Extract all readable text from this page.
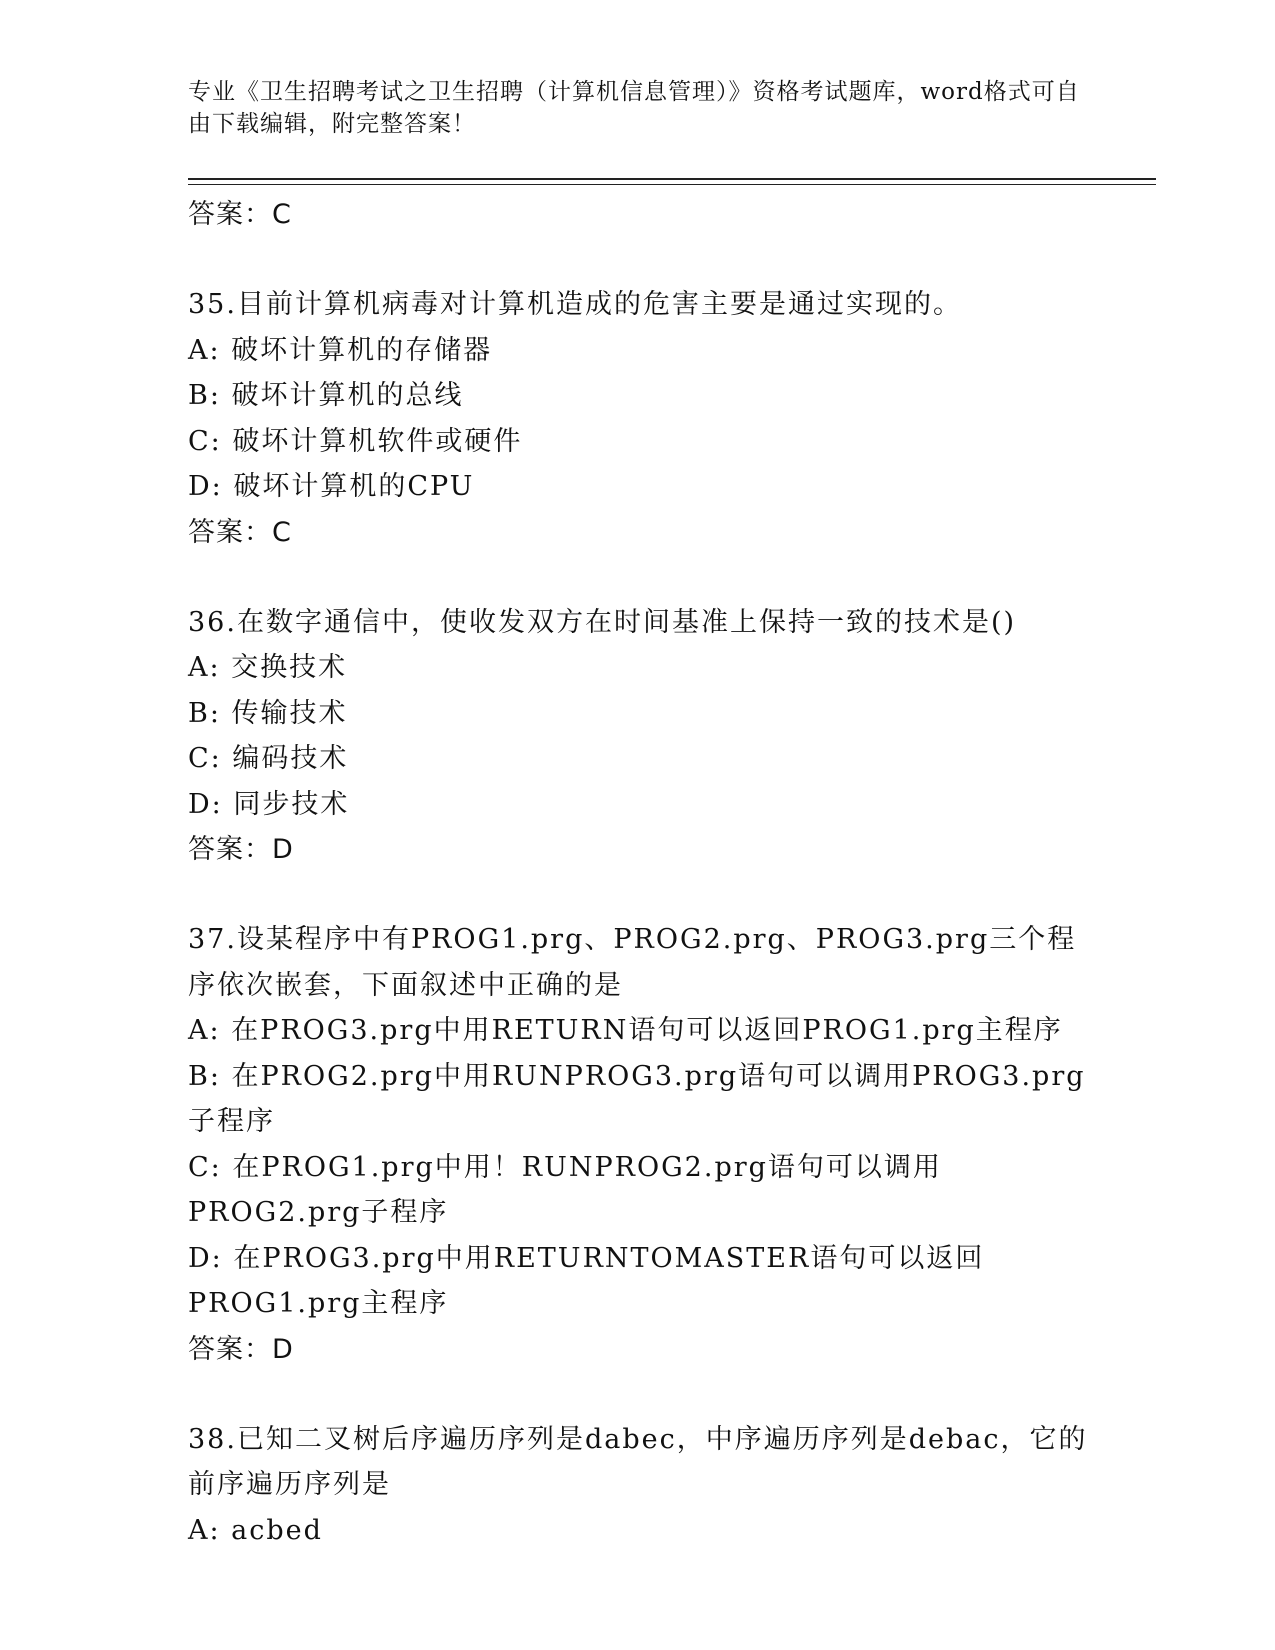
专业《卫生招聘考试之卫生招聘（计算机信息管理）》资格考试题库，word格式可自由下载编辑，附完整答案！
答案：C
35.目前计算机病毒对计算机造成的危害主要是通过实现的。
A: 破坏计算机的存储器
B: 破坏计算机的总线
C: 破坏计算机软件或硬件
D: 破坏计算机的CPU
答案：C
36.在数字通信中，使收发双方在时间基准上保持一致的技术是()
A: 交换技术
B: 传输技术
C: 编码技术
D: 同步技术
答案：D
37.设某程序中有PROG1.prg、PROG2.prg、PROG3.prg三个程序依次嵌套，下面叙述中正确的是
A: 在PROG3.prg中用RETURN语句可以返回PROG1.prg主程序
B: 在PROG2.prg中用RUNPROG3.prg语句可以调用PROG3.prg子程序
C: 在PROG1.prg中用！RUNPROG2.prg语句可以调用PROG2.prg子程序
D: 在PROG3.prg中用RETURNTOMASTER语句可以返回PROG1.prg主程序
答案：D
38.已知二叉树后序遍历序列是dabec，中序遍历序列是debac，它的前序遍历序列是
A: acbed
